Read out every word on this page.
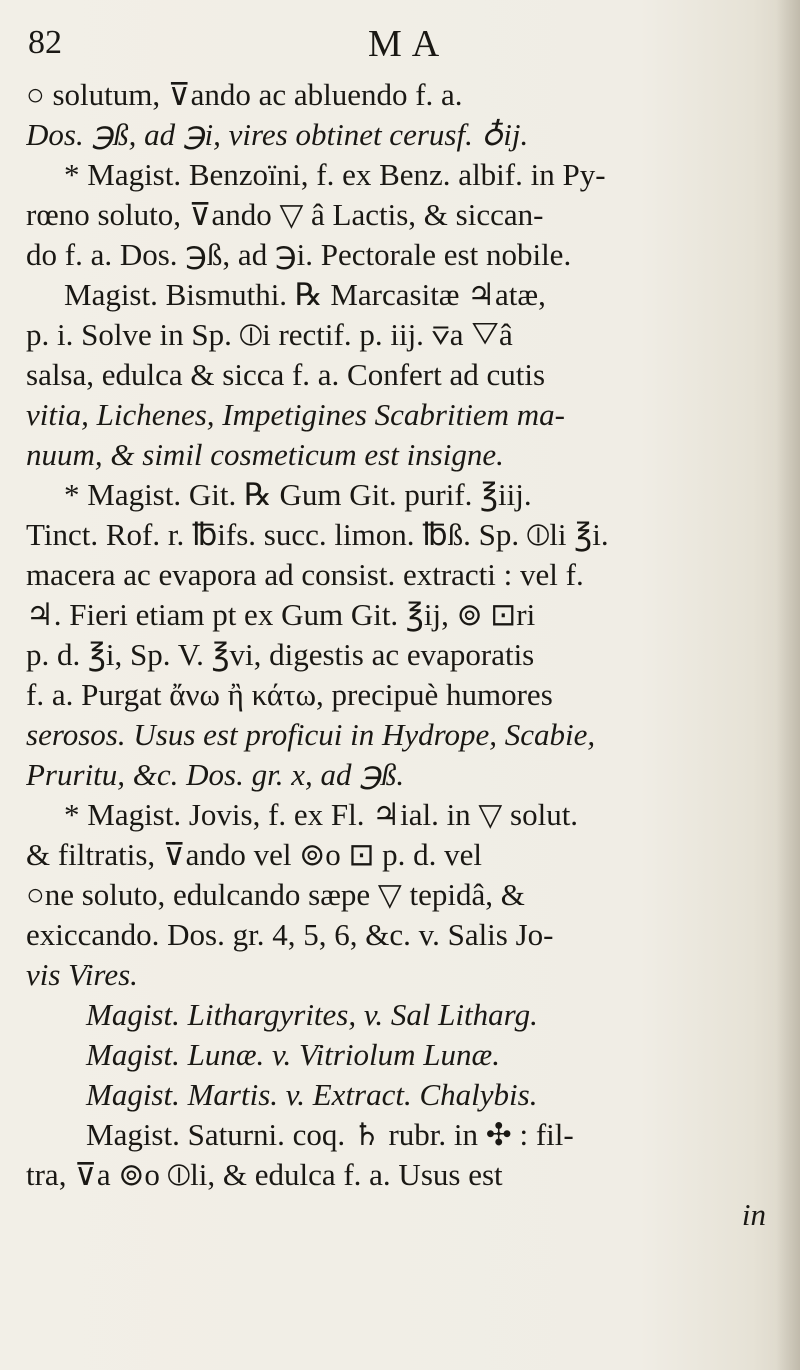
82	MA
○ solutum, ⊽ando ac abluendo f. a.
Dos. ℈ß, ad ℈i, vires obtinet cerusf. ♁ij.
* Magist. Benzoïni, f. ex Benz. albif. in Py-
rœno soluto, ⊽ando ▽ â Lactis, & siccan-
do f. a. Dos. ℈ß, ad ℈i. Pectorale est nobile.
Magist. Bismuthi. ℞ Marcasitæ ♃atæ,
p. i. Solve in Sp. ⦶i rectif. p. iij. ⊽a ▽â
salsa, edulca & sicca f. a. Confert ad cutis
vitia, Lichenes, Impetigines Scabritiem ma-
nuum, & simil cosmeticum est insigne.
* Magist. Git. ℞ Gum Git. purif. ℥iij.
Tinct. Rof. r. ℔ifs. succ. limon. ℔ß. Sp. ⦶li ℥i.
macera ac evapora ad consist. extracti : vel f.
♃. Fieri etiam pt ex Gum Git. ℥ij, ⊚ ⊡ri
p. d. ℥i, Sp. V. ℥vi, digestis ac evaporatis
f. a. Purgat ἄνω ἢ κάτω, precipuè humores
serosos. Usus est proficui in Hydrope, Scabie,
Pruritu, &c. Dos. gr. x, ad ℈ß.
* Magist. Jovis, f. ex Fl. ♃ial. in ▽ solut.
& filtratis, ⊽ando vel ⊚o ⊡ p. d. vel
○ne soluto, edulcando sæpe ▽ tepidâ, &
exiccando. Dos. gr. 4, 5, 6, &c. v. Salis Jo-
vis Vires.
Magist. Lithargyrites, v. Sal Litharg.
Magist. Lunæ. v. Vitriolum Lunæ.
Magist. Martis. v. Extract. Chalybis.
Magist. Saturni. coq. ♄ rubr. in ✣ : fil-
tra, ⊽a ⊚o ⦶li, & edulca f. a. Usus est
in
